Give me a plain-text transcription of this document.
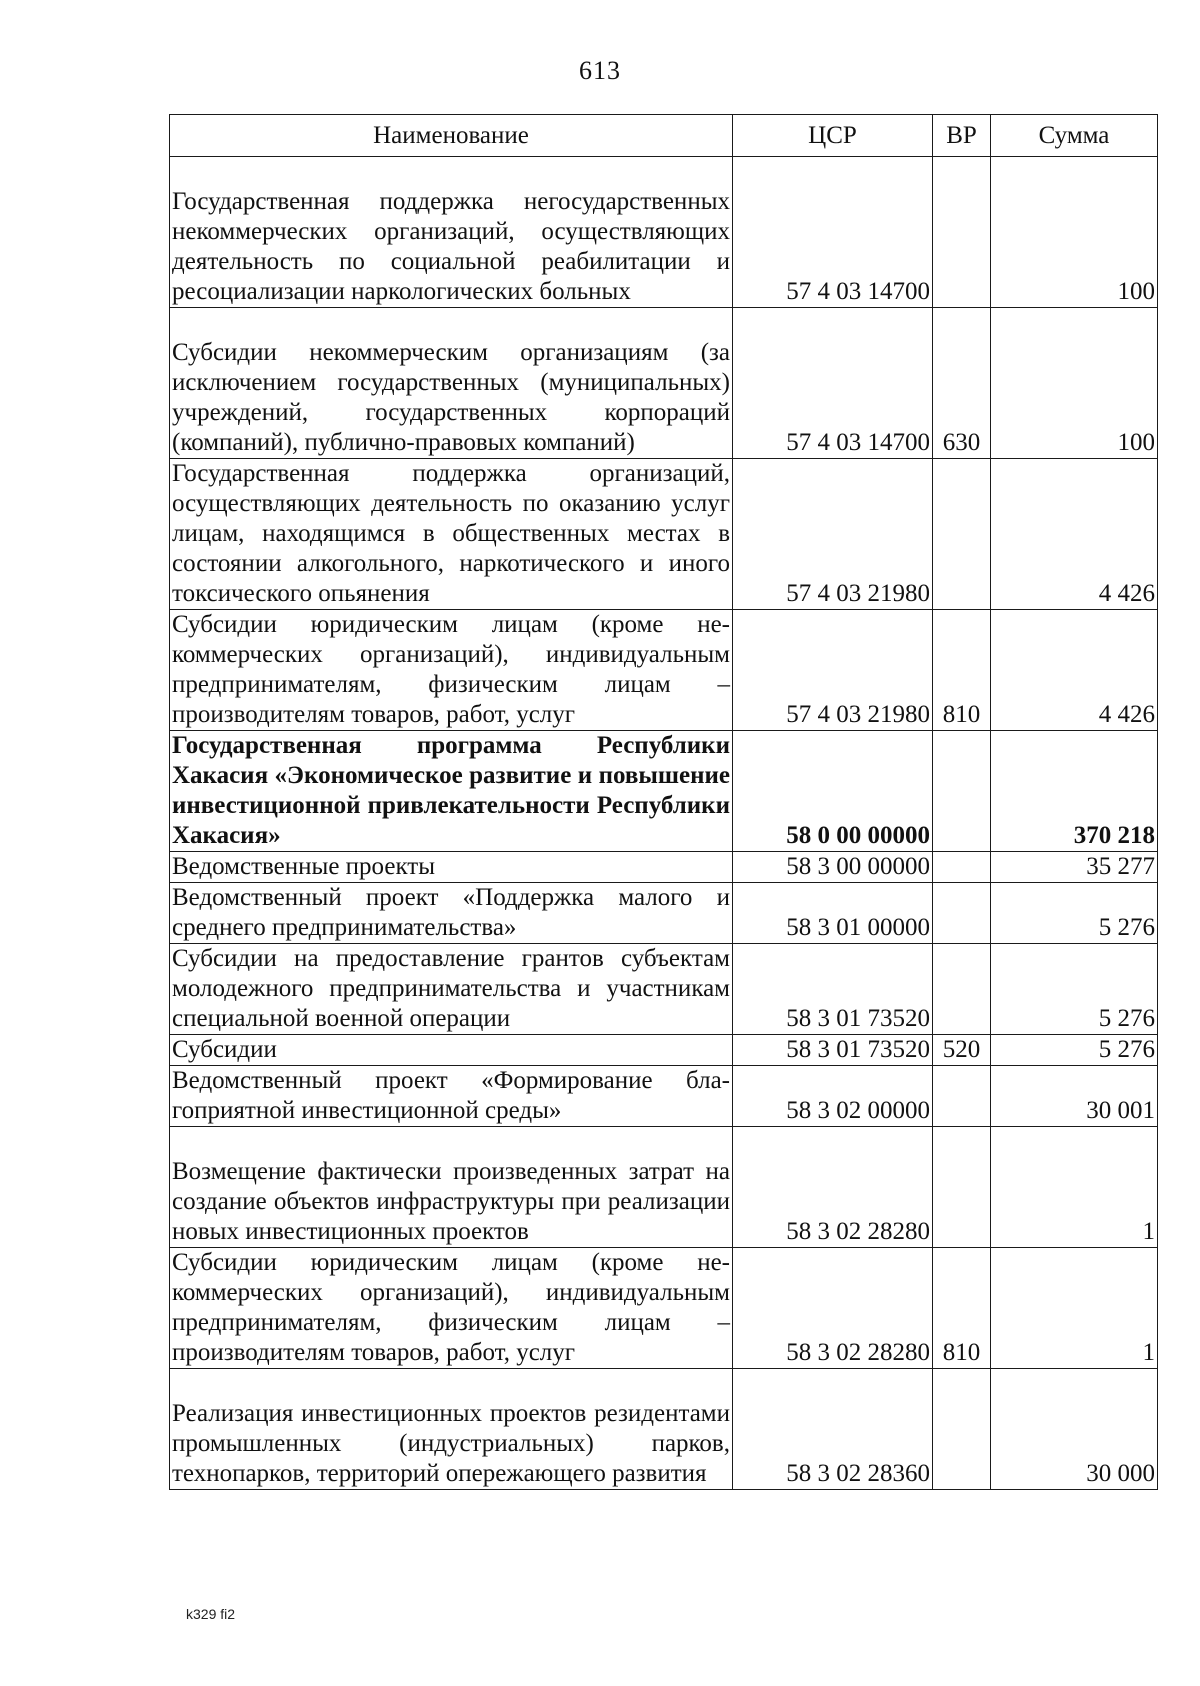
613
Наименование	ЦСР	ВР	Сумма
Государственная поддержка негосударственных некоммерческих организаций, осуществляющих деятельность по социальной реабилитации и ресоциализации наркологических больных	57 4 03 14700		100
Субсидии некоммерческим организациям (за исключением государственных (муниципальных) учреждений, государственных корпораций (компаний), публично-правовых компаний)	57 4 03 14700	630	100
Государственная поддержка организаций, осуществляющих деятельность по оказанию услуг лицам, находящимся в общественных местах в состоянии алкогольного, наркотического и иного токсического опьянения	57 4 03 21980		4 426
Субсидии юридическим лицам (кроме некоммерческих организаций), индивидуальным предпринимателям, физическим лицам – производителям товаров, работ, услуг	57 4 03 21980	810	4 426
Государственная программа Республики Хакасия «Экономическое развитие и повышение инвестиционной привлекательности Республики Хакасия»	58 0 00 00000		370 218
Ведомственные проекты	58 3 00 00000		35 277
Ведомственный проект «Поддержка малого и среднего предпринимательства»	58 3 01 00000		5 276
Субсидии на предоставление грантов субъектам молодежного предпринимательства и участникам специальной военной операции	58 3 01 73520		5 276
Субсидии	58 3 01 73520	520	5 276
Ведомственный проект «Формирование благоприятной инвестиционной среды»	58 3 02 00000		30 001
Возмещение фактически произведенных затрат на создание объектов инфраструктуры при реализации новых инвестиционных проектов	58 3 02 28280		1
Субсидии юридическим лицам (кроме некоммерческих организаций), индивидуальным предпринимателям, физическим лицам – производителям товаров, работ, услуг	58 3 02 28280	810	1
Реализация инвестиционных проектов резидентами промышленных (индустриальных) парков, технопарков, территорий опережающего развития	58 3 02 28360		30 000
k329 fi2
